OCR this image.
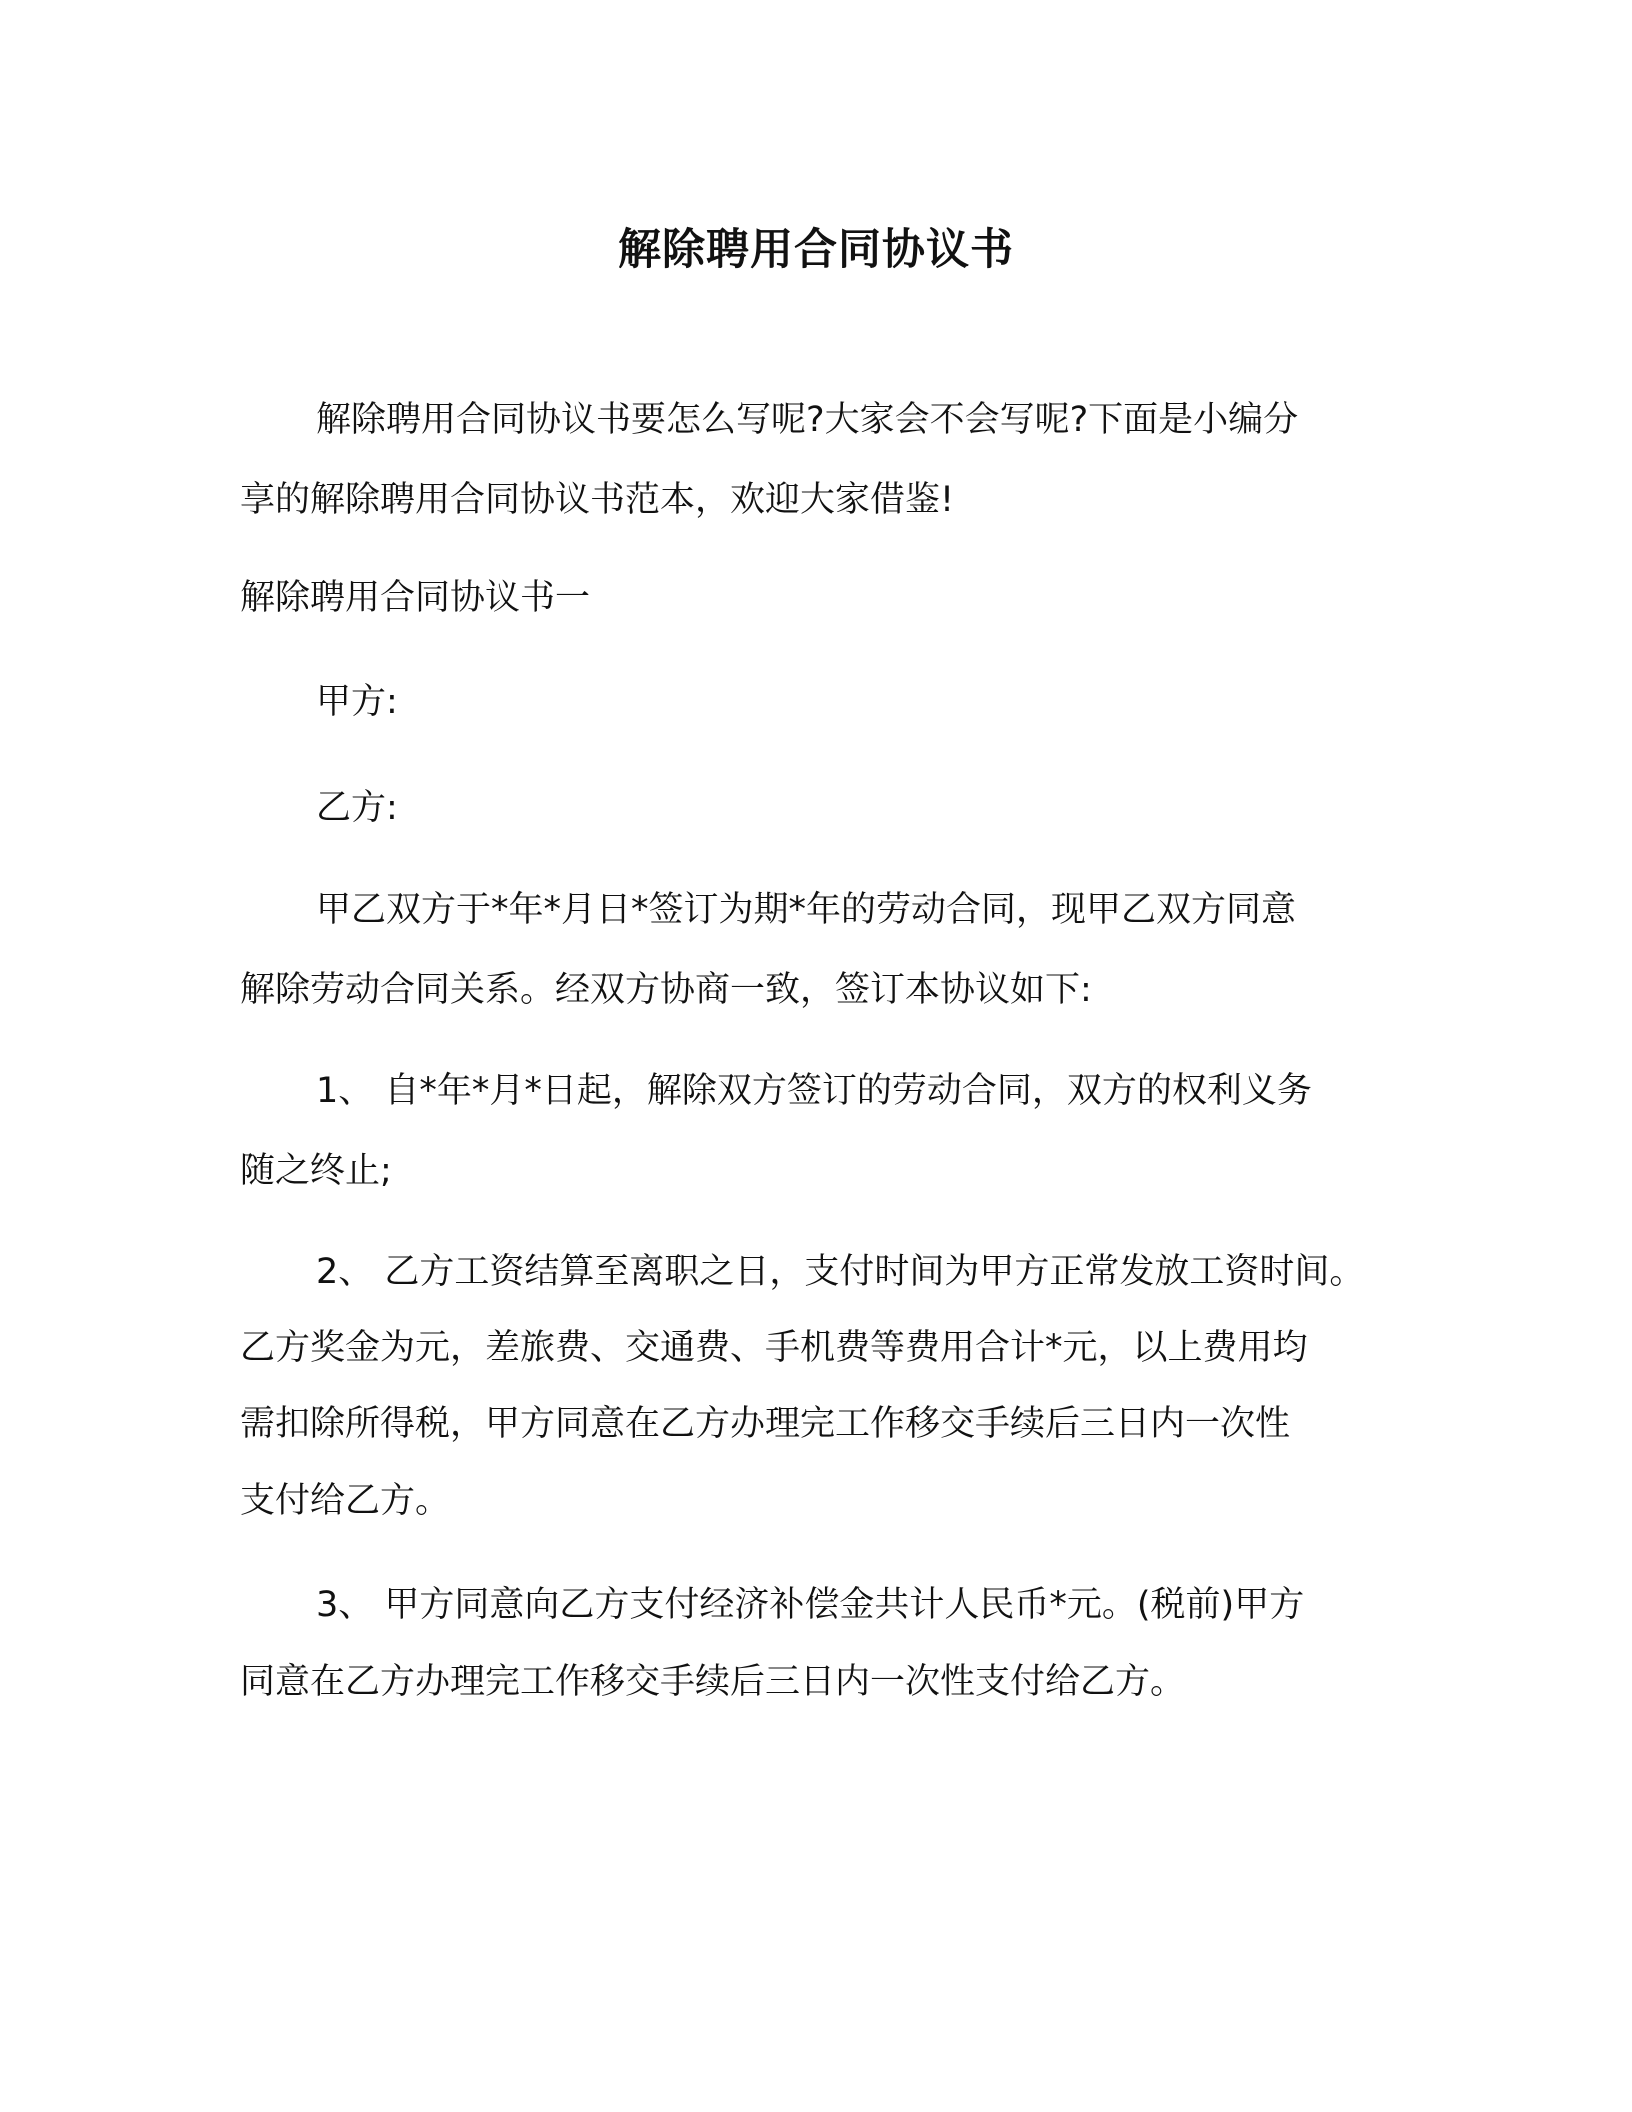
解除聘用合同协议书

解除聘用合同协议书要怎么写呢?大家会不会写呢?下面是小编分

享的解除聘用合同协议书范本，欢迎大家借鉴!

解除聘用合同协议书一

甲方:

乙方:

甲乙双方于*年*月日*签订为期*年的劳动合同，现甲乙双方同意

解除劳动合同关系。经双方协商一致，签订本协议如下:

1、 自*年*月*日起，解除双方签订的劳动合同，双方的权利义务

随之终止;

2、 乙方工资结算至离职之日，支付时间为甲方正常发放工资时间。

乙方奖金为元，差旅费、交通费、手机费等费用合计*元，以上费用均

需扣除所得税，甲方同意在乙方办理完工作移交手续后三日内一次性

支付给乙方。

3、 甲方同意向乙方支付经济补偿金共计人民币*元。(税前)甲方

同意在乙方办理完工作移交手续后三日内一次性支付给乙方。
